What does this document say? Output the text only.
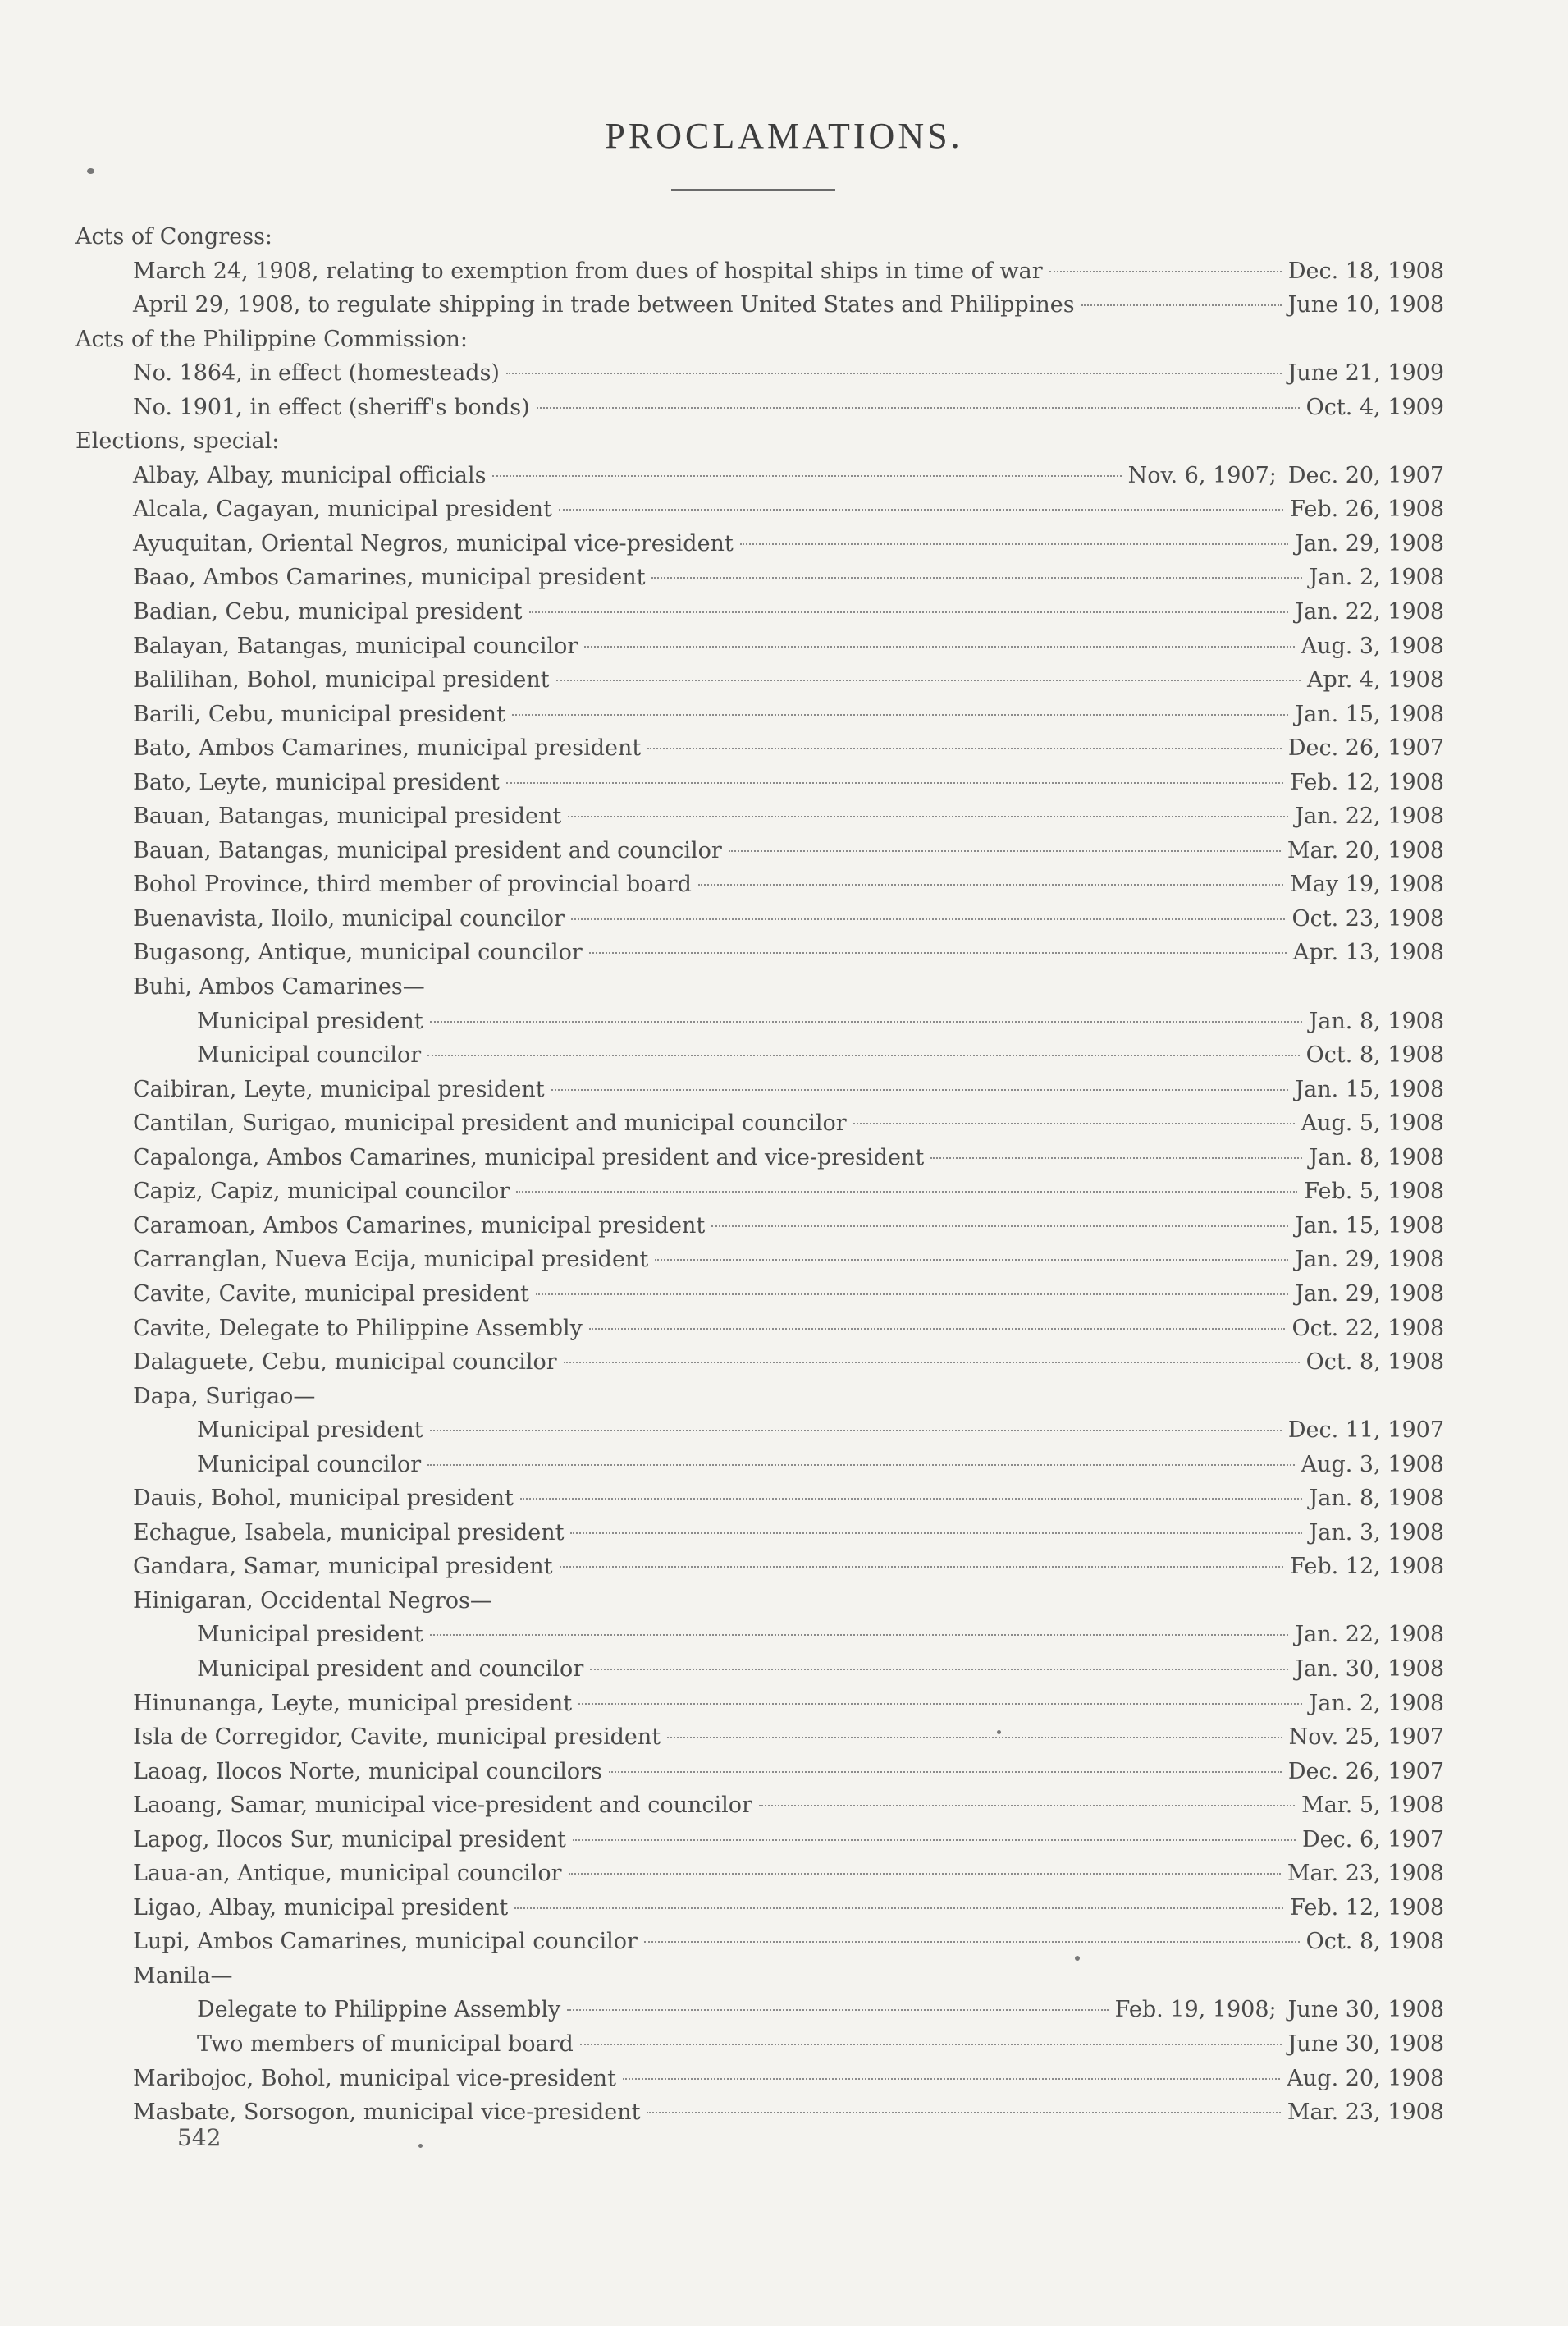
PROCLAMATIONS.
Acts of Congress:
March 24, 1908, relating to exemption from dues of hospital ships in time of war	Dec. 18, 1908
April 29, 1908, to regulate shipping in trade between United States and Philippines	June 10, 1908
Acts of the Philippine Commission:
No. 1864, in effect (homesteads)	June 21, 1909
No. 1901, in effect (sheriff's bonds)	Oct. 4, 1909
Elections, special:
Albay, Albay, municipal officials	Nov. 6, 1907; Dec. 20, 1907
Alcala, Cagayan, municipal president	Feb. 26, 1908
Ayuquitan, Oriental Negros, municipal vice-president	Jan. 29, 1908
Baao, Ambos Camarines, municipal president	Jan. 2, 1908
Badian, Cebu, municipal president	Jan. 22, 1908
Balayan, Batangas, municipal councilor	Aug. 3, 1908
Balilihan, Bohol, municipal president	Apr. 4, 1908
Barili, Cebu, municipal president	Jan. 15, 1908
Bato, Ambos Camarines, municipal president	Dec. 26, 1907
Bato, Leyte, municipal president	Feb. 12, 1908
Bauan, Batangas, municipal president	Jan. 22, 1908
Bauan, Batangas, municipal president and councilor	Mar. 20, 1908
Bohol Province, third member of provincial board	May 19, 1908
Buenavista, Iloilo, municipal councilor	Oct. 23, 1908
Bugasong, Antique, municipal councilor	Apr. 13, 1908
Buhi, Ambos Camarines—
Municipal president	Jan. 8, 1908
Municipal councilor	Oct. 8, 1908
Caibiran, Leyte, municipal president	Jan. 15, 1908
Cantilan, Surigao, municipal president and municipal councilor	Aug. 5, 1908
Capalonga, Ambos Camarines, municipal president and vice-president	Jan. 8, 1908
Capiz, Capiz, municipal councilor	Feb. 5, 1908
Caramoan, Ambos Camarines, municipal president	Jan. 15, 1908
Carranglan, Nueva Ecija, municipal president	Jan. 29, 1908
Cavite, Cavite, municipal president	Jan. 29, 1908
Cavite, Delegate to Philippine Assembly	Oct. 22, 1908
Dalaguete, Cebu, municipal councilor	Oct. 8, 1908
Dapa, Surigao—
Municipal president	Dec. 11, 1907
Municipal councilor	Aug. 3, 1908
Dauis, Bohol, municipal president	Jan. 8, 1908
Echague, Isabela, municipal president	Jan. 3, 1908
Gandara, Samar, municipal president	Feb. 12, 1908
Hinigaran, Occidental Negros—
Municipal president	Jan. 22, 1908
Municipal president and councilor	Jan. 30, 1908
Hinunanga, Leyte, municipal president	Jan. 2, 1908
Isla de Corregidor, Cavite, municipal president	Nov. 25, 1907
Laoag, Ilocos Norte, municipal councilors	Dec. 26, 1907
Laoang, Samar, municipal vice-president and councilor	Mar. 5, 1908
Lapog, Ilocos Sur, municipal president	Dec. 6, 1907
Laua-an, Antique, municipal councilor	Mar. 23, 1908
Ligao, Albay, municipal president	Feb. 12, 1908
Lupi, Ambos Camarines, municipal councilor	Oct. 8, 1908
Manila—
Delegate to Philippine Assembly	Feb. 19, 1908; June 30, 1908
Two members of municipal board	June 30, 1908
Maribojoc, Bohol, municipal vice-president	Aug. 20, 1908
Masbate, Sorsogon, municipal vice-president	Mar. 23, 1908
542
